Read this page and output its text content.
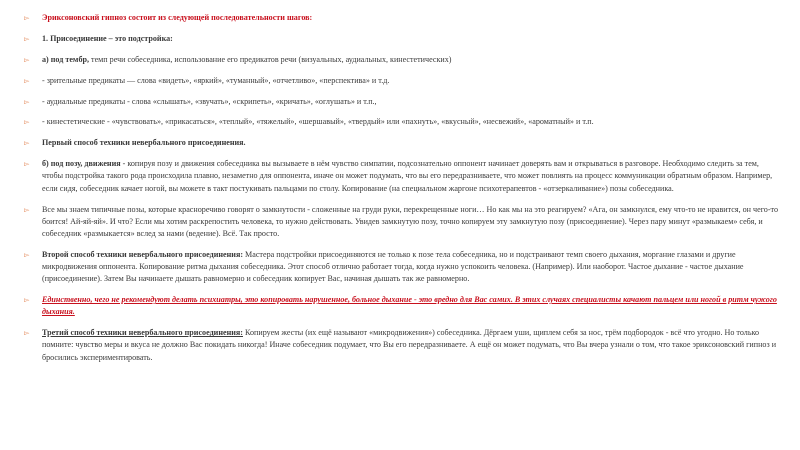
▻ Эриксоновский гипноз состоит из следующей последовательности шагов:

▻ 1. Присоединение – это подстройка:

▻ а) под тембр, темп речи собеседника, использование его предикатов речи (визуальных, аудиальных, кинестетических)

▻ - зрительные предикаты — слова «видеть», «яркий», «туманный», «отчетливо», «перспектива» и т.д.

▻ - аудиальные предикаты - слова «слышать», «звучать», «скрипеть», «кричать», «оглушать» и т.п.,

▻ - кинестетические - «чувствовать», «прикасаться», «теплый», «тяжелый», «шершавый», «твердый» или «пахнуть», «вкусный», «несвежий», «ароматный» и т.п.

▻ Первый способ техники невербального присоединения.

▻ б) под позу, движения - копируя позу и движения собеседника вы вызываете в нём чувство симпатии, подсознательно оппонент начинает доверять вам и открываться в разговоре. Необходимо следить за тем, чтобы подстройка такого рода происходила плавно, незаметно для оппонента, иначе он может подумать, что вы его передразниваете, что может повлиять на процесс коммуникации обратным образом. Например, если сидя, собеседник качает ногой, вы можете в такт постукивать пальцами по столу. Копирование (на специальном жаргоне психотерапевтов - «отзеркаливание») позы собеседника.

▻ Все мы знаем типичные позы, которые красноречиво говорят о замкнутости - сложенные на груди руки, перекрещенные ноги… Но как мы на это реагируем? «Ага, он замкнулся, ему что-то не нравится, он чего-то боится! Ай-яй-яй». И что? Если мы хотим раскрепостить человека, то нужно действовать. Увидев замкнутую позу, точно копируем эту замкнутую позу (присоединение). Через пару минут «размыкаем» себя, и собеседник «размыкается» вслед за нами (ведение). Всё. Так просто.

▻ Второй способ техники невербального присоединения: Мастера подстройки присоединяются не только к позе тела собеседника, но и подстраивают темп своего дыхания, моргание глазами и другие микродвижения оппонента. Копирование ритма дыхания собеседника. Этот способ отлично работает тогда, когда нужно успокоить человека. (Например). Или наоборот. Частое дыхание - частое дыхание (присоединение). Затем Вы начинаете дышать равномерно и собеседник копирует Вас, начиная дышать так же равномерно.

▻ Единственно, чего не рекомендуют делать психиатры, это копировать нарушенное, больное дыхание - это вредно для Вас самих. В этих случаях специалисты качают пальцем или ногой в ритм чужого дыхания.

▻ Третий способ техники невербального присоединения: Копируем жесты (их ещё называют «микродвижения») собеседника. Дёргаем уши, щиплем себя за нос, трём подбородок - всё что угодно. Но только помните: чувство меры и вкуса не должно Вас покидать никогда! Иначе собеседник подумает, что Вы его передразниваете. А ещё он может подумать, что Вы вчера узнали о том, что такое эриксоновский гипноз и бросились экспериментировать.
